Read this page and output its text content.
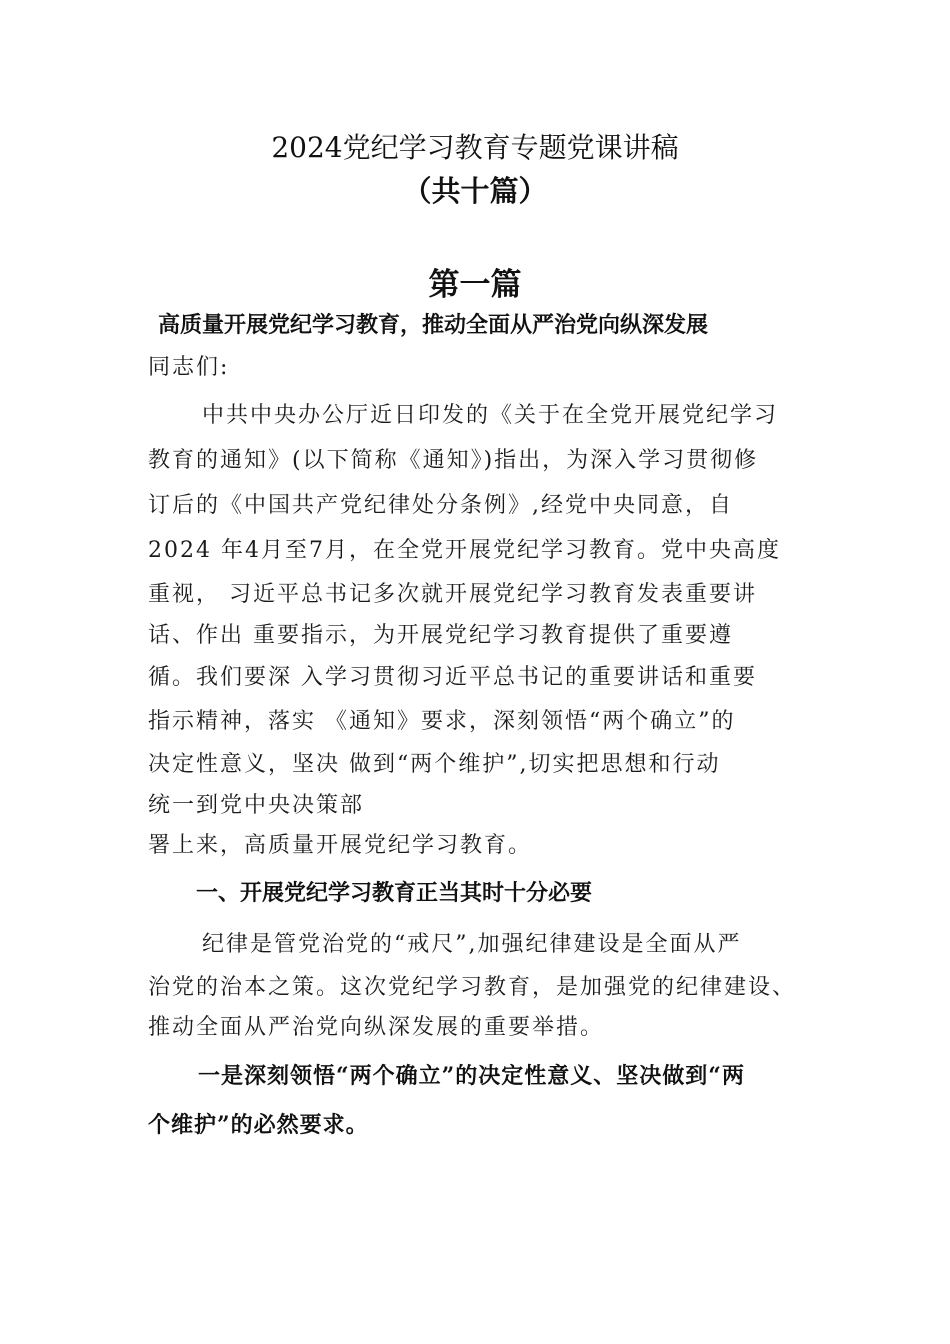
2024党纪学习教育专题党课讲稿
（共十篇）
第一篇
高质量开展党纪学习教育，推动全面从严治党向纵深发展
同志们:
中共中央办公厅近日印发的《关于在全党开展党纪学习
教育的通知》(以下简称《通知》)指出，为深入学习贯彻修
订后的《中国共产党纪律处分条例》,经党中央同意，自
2024 年4月至7月，在全党开展党纪学习教育。党中央高度
重视， 习近平总书记多次就开展党纪学习教育发表重要讲
话、作出 重要指示，为开展党纪学习教育提供了重要遵
循。我们要深 入学习贯彻习近平总书记的重要讲话和重要
指示精神，落实 《通知》要求，深刻领悟“两个确立”的
决定性意义，坚决 做到“两个维护”,切实把思想和行动
统一到党中央决策部
署上来，高质量开展党纪学习教育。
一、开展党纪学习教育正当其时十分必要
纪律是管党治党的“戒尺”,加强纪律建设是全面从严
治党的治本之策。这次党纪学习教育，是加强党的纪律建设、
推动全面从严治党向纵深发展的重要举措。
一是深刻领悟“两个确立”的决定性意义、坚决做到“两
个维护”的必然要求。
